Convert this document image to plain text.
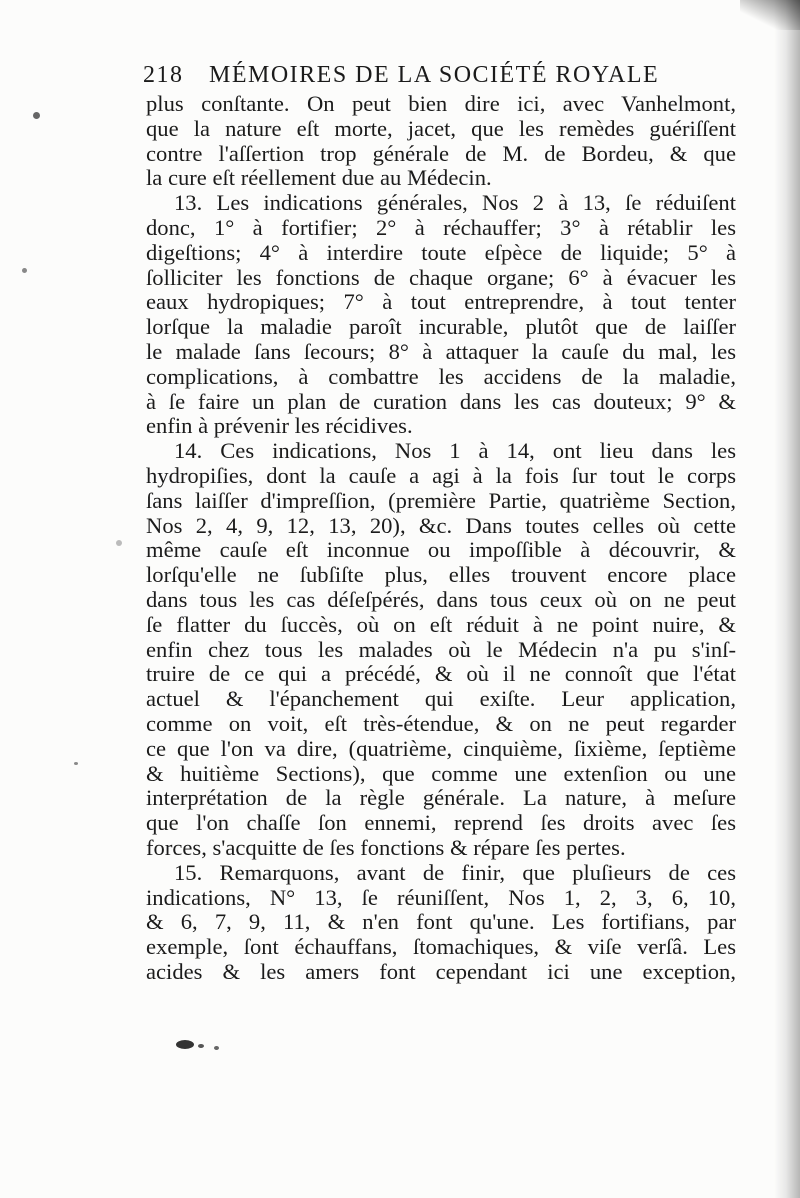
218 MÉMOIRES DE LA SOCIÉTÉ ROYALE
plus conſtante. On peut bien dire ici, avec Vanhelmont,
que la nature eſt morte, jacet, que les remèdes guériſſent
contre l'aſſertion trop générale de M. de Bordeu, & que
la cure eſt réellement due au Médecin.
13. Les indications générales, Nos 2 à 13, ſe réduiſent
donc, 1° à fortifier; 2° à réchauffer; 3° à rétablir les
digeſtions; 4° à interdire toute eſpèce de liquide; 5° à
ſolliciter les fonctions de chaque organe; 6° à évacuer les
eaux hydropiques; 7° à tout entreprendre, à tout tenter
lorſque la maladie paroît incurable, plutôt que de laiſſer
le malade ſans ſecours; 8° à attaquer la cauſe du mal, les
complications, à combattre les accidens de la maladie,
à ſe faire un plan de curation dans les cas douteux; 9° &
enfin à prévenir les récidives.
14. Ces indications, Nos 1 à 14, ont lieu dans les
hydropiſies, dont la cauſe a agi à la fois ſur tout le corps
ſans laiſſer d'impreſſion, (première Partie, quatrième Section,
Nos 2, 4, 9, 12, 13, 20), &c. Dans toutes celles où cette
même cauſe eſt inconnue ou impoſſible à découvrir, &
lorſqu'elle ne ſubſiſte plus, elles trouvent encore place
dans tous les cas déſeſpérés, dans tous ceux où on ne peut
ſe flatter du ſuccès, où on eſt réduit à ne point nuire, &
enfin chez tous les malades où le Médecin n'a pu s'inſ-
truire de ce qui a précédé, & où il ne connoît que l'état
actuel & l'épanchement qui exiſte. Leur application,
comme on voit, eſt très-étendue, & on ne peut regarder
ce que l'on va dire, (quatrième, cinquième, ſixième, ſeptième
& huitième Sections), que comme une extenſion ou une
interprétation de la règle générale. La nature, à meſure
que l'on chaſſe ſon ennemi, reprend ſes droits avec ſes
forces, s'acquitte de ſes fonctions & répare ſes pertes.
15. Remarquons, avant de finir, que pluſieurs de ces
indications, N° 13, ſe réuniſſent, Nos 1, 2, 3, 6, 10,
& 6, 7, 9, 11, & n'en font qu'une. Les fortifians, par
exemple, ſont échauffans, ſtomachiques, & viſe verſâ. Les
acides & les amers font cependant ici une exception,
